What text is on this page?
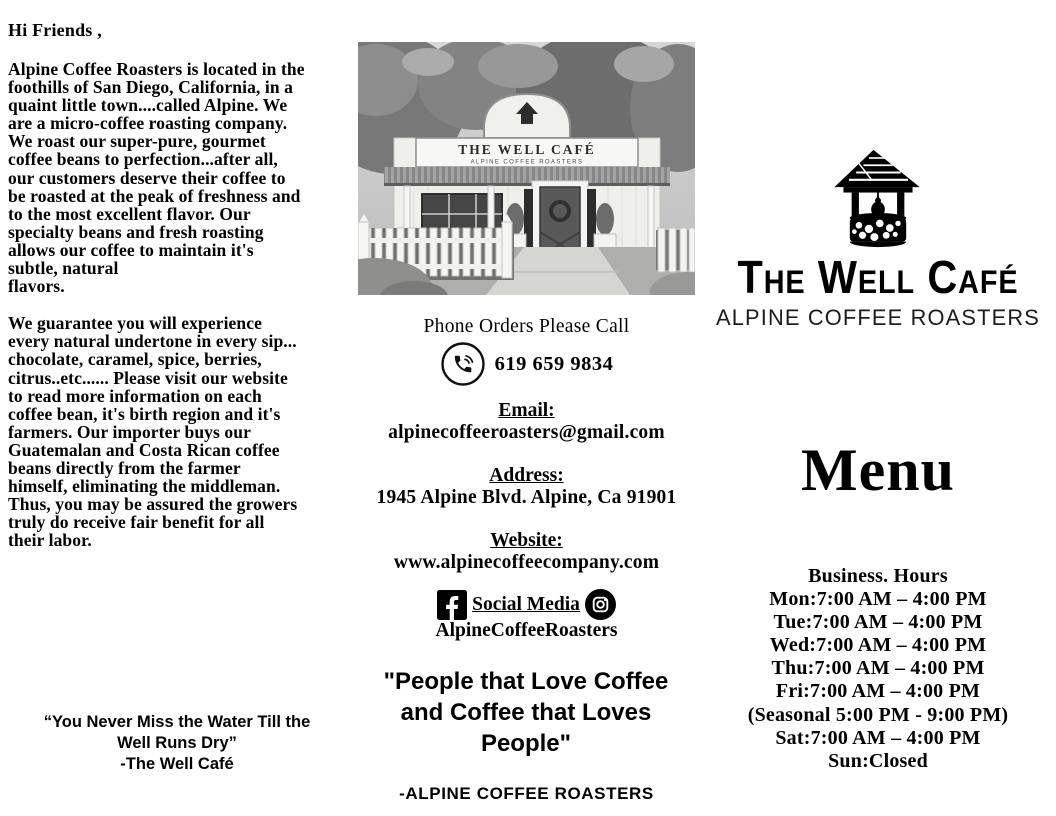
Hi Friends ,
Alpine Coffee Roasters is located in the
foothills of San Diego, California, in a
quaint little town....called Alpine. We
are a micro-coffee roasting company.
We roast our super-pure, gourmet
coffee beans to perfection...after all,
our customers deserve their coffee to
be roasted at the peak of freshness and
to the most excellent flavor. Our
specialty beans and fresh roasting
allows our coffee to maintain it's
subtle, natural
flavors.
We guarantee you will experience
every natural undertone in every sip...
chocolate, caramel, spice, berries,
citrus..etc...... Please visit our website
to read more information on each
coffee bean, it's birth region and it's
farmers. Our importer buys our
Guatemalan and Costa Rican coffee
beans directly from the farmer
himself, eliminating the middleman.
Thus, you may be assured the growers
truly do receive fair benefit for all
their labor.
“You Never Miss the Water Till the
Well Runs Dry”
-The Well Café
THE WELL CAFÉ
ALPINE COFFEE ROASTERS
Phone Orders Please Call
619 659 9834
Email:
alpinecoffeeroasters@gmail.com
Address:
1945 Alpine Blvd. Alpine, Ca 91901
Website:
www.alpinecoffeecompany.com
Social Media
AlpineCoffeeRoasters
"People that Love Coffee
and Coffee that Loves
People"
-ALPINE COFFEE ROASTERS
The Well Café
ALPINE COFFEE ROASTERS
Menu
Business. Hours
Mon:7:00 AM – 4:00 PM
Tue:7:00 AM – 4:00 PM
Wed:7:00 AM – 4:00 PM
Thu:7:00 AM – 4:00 PM
Fri:7:00 AM – 4:00 PM
(Seasonal 5:00 PM - 9:00 PM)
Sat:7:00 AM – 4:00 PM
Sun:Closed
